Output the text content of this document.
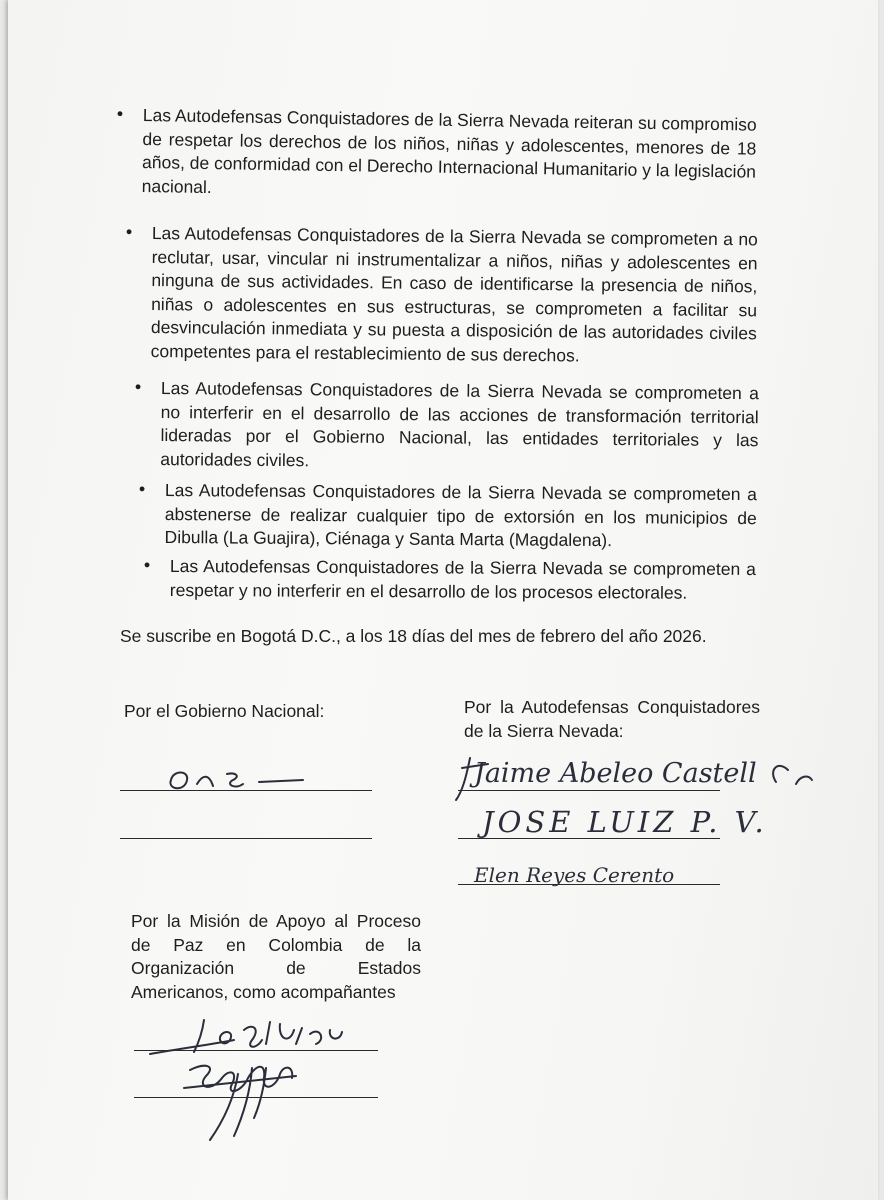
• Las Autodefensas Conquistadores de la Sierra Nevada reiteran su compromiso de respetar los derechos de los niños, niñas y adolescentes, menores de 18 años, de conformidad con el Derecho Internacional Humanitario y la legislación nacional.
• Las Autodefensas Conquistadores de la Sierra Nevada se comprometen a no reclutar, usar, vincular ni instrumentalizar a niños, niñas y adolescentes en ninguna de sus actividades. En caso de identificarse la presencia de niños, niñas o adolescentes en sus estructuras, se comprometen a facilitar su desvinculación inmediata y su puesta a disposición de las autoridades civiles competentes para el restablecimiento de sus derechos.
• Las Autodefensas Conquistadores de la Sierra Nevada se comprometen a no interferir en el desarrollo de las acciones de transformación territorial lideradas por el Gobierno Nacional, las entidades territoriales y las autoridades civiles.
• Las Autodefensas Conquistadores de la Sierra Nevada se comprometen a abstenerse de realizar cualquier tipo de extorsión en los municipios de Dibulla (La Guajira), Ciénaga y Santa Marta (Magdalena).
• Las Autodefensas Conquistadores de la Sierra Nevada se comprometen a respetar y no interferir en el desarrollo de los procesos electorales.
Se suscribe en Bogotá D.C., a los 18 días del mes de febrero del año 2026.
Por el Gobierno Nacional:	Por la Autodefensas Conquistadores de la Sierra Nevada:
Jaime Abeleo Castell
JOSE LUIZ P. V.
Elen Reyes Cerento
Por la Misión de Apoyo al Proceso de Paz en Colombia de la Organización de Estados Americanos, como acompañantes
